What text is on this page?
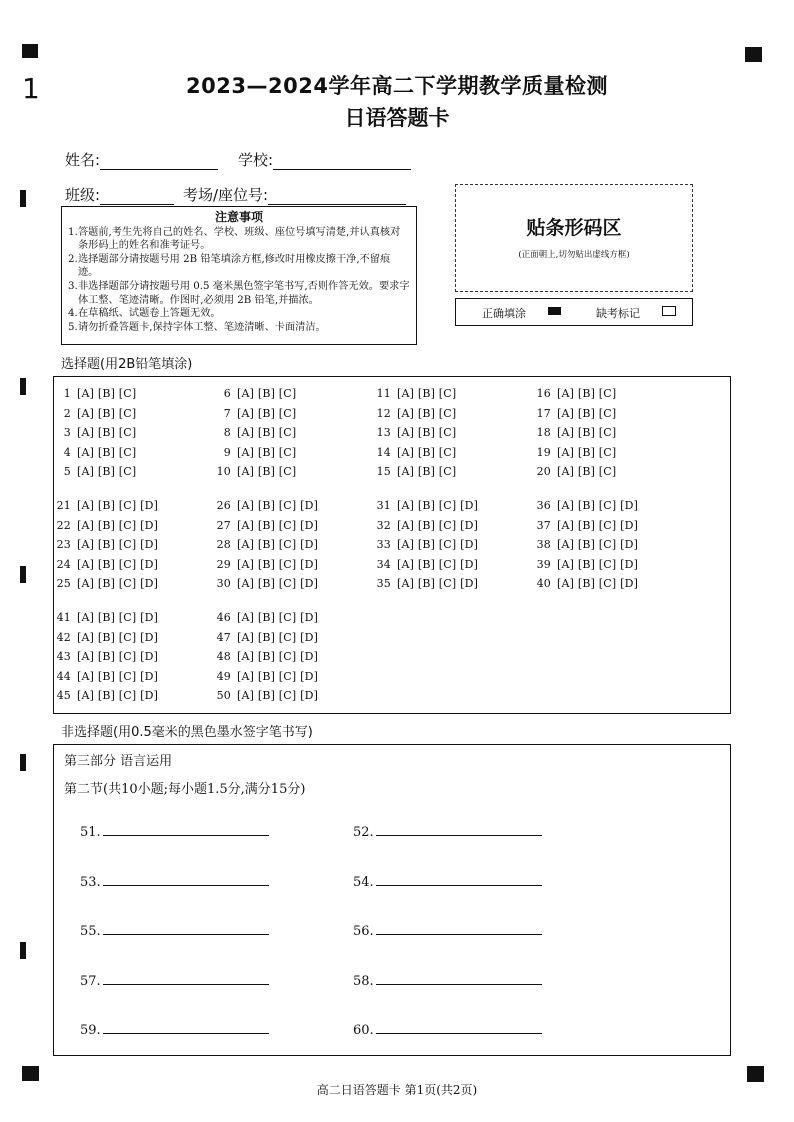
1	2023—2024学年高二下学期教学质量检测
日语答题卡
姓名:	学校:
班级:	考场/座位号:
注意事项
1. 答题前,考生先将自己的姓名、学校、班级、座位号填写清楚,并认真核对条形码上的姓名和准考证号。
2. 选择题部分请按题号用 2B 铅笔填涂方框,修改时用橡皮擦干净,不留痕迹。
3. 非选择题部分请按题号用 0.5 毫米黑色签字笔书写,否则作答无效。要求字体工整、笔迹清晰。作图时,必须用 2B 铅笔,并描浓。
4. 在草稿纸、试题卷上答题无效。
5. 请勿折叠答题卡,保持字体工整、笔迹清晰、卡面清洁。
贴条形码区
(正面朝上,切勿贴出虚线方框)
正确填涂	缺考标记
选择题(用2B铅笔填涂)
1 [A] [B] [C]
2 [A] [B] [C]
3 [A] [B] [C]
4 [A] [B] [C]
5 [A] [B] [C]
6 [A] [B] [C]
7 [A] [B] [C]
8 [A] [B] [C]
9 [A] [B] [C]
10 [A] [B] [C]
11 [A] [B] [C]
12 [A] [B] [C]
13 [A] [B] [C]
14 [A] [B] [C]
15 [A] [B] [C]
16 [A] [B] [C]
17 [A] [B] [C]
18 [A] [B] [C]
19 [A] [B] [C]
20 [A] [B] [C]
21 [A] [B] [C] [D]
22 [A] [B] [C] [D]
23 [A] [B] [C] [D]
24 [A] [B] [C] [D]
25 [A] [B] [C] [D]
26 [A] [B] [C] [D]
27 [A] [B] [C] [D]
28 [A] [B] [C] [D]
29 [A] [B] [C] [D]
30 [A] [B] [C] [D]
31 [A] [B] [C] [D]
32 [A] [B] [C] [D]
33 [A] [B] [C] [D]
34 [A] [B] [C] [D]
35 [A] [B] [C] [D]
36 [A] [B] [C] [D]
37 [A] [B] [C] [D]
38 [A] [B] [C] [D]
39 [A] [B] [C] [D]
40 [A] [B] [C] [D]
41 [A] [B] [C] [D]
42 [A] [B] [C] [D]
43 [A] [B] [C] [D]
44 [A] [B] [C] [D]
45 [A] [B] [C] [D]
46 [A] [B] [C] [D]
47 [A] [B] [C] [D]
48 [A] [B] [C] [D]
49 [A] [B] [C] [D]
50 [A] [B] [C] [D]
非选择题(用0.5毫米的黑色墨水签字笔书写)
第三部分 语言运用
第二节(共10小题;每小题1.5分,满分15分)
51.	52.
53.	54.
55.	56.
57.	58.
59.	60.
高二日语答题卡 第1页(共2页)
